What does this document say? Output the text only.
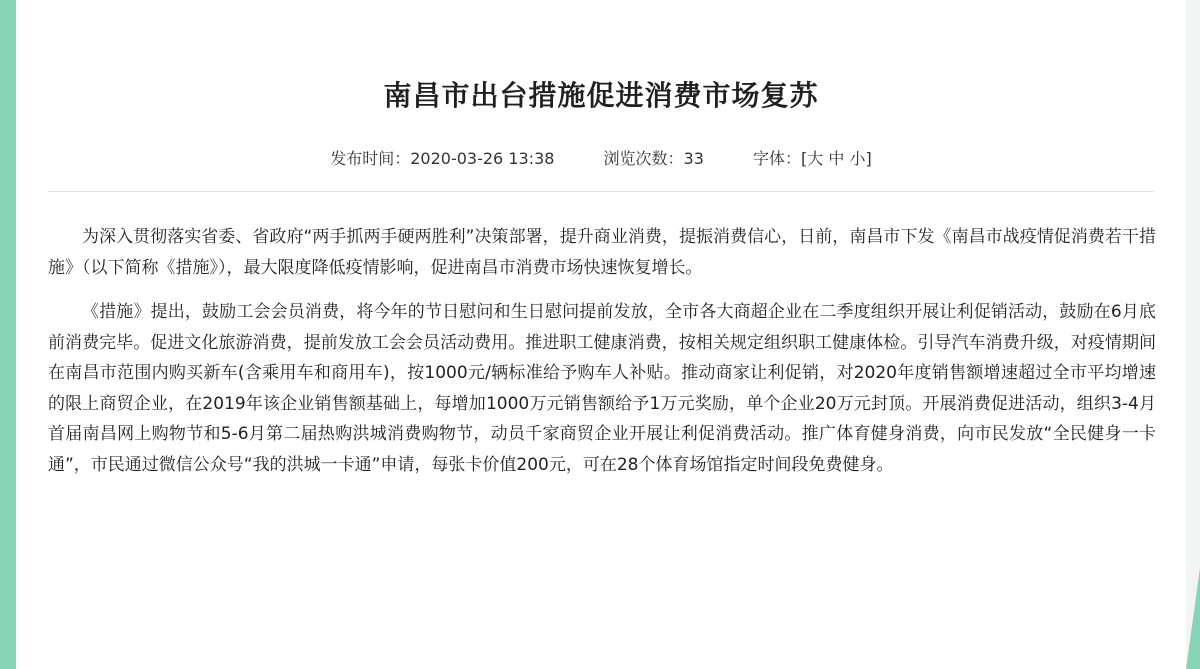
南昌市出台措施促进消费市场复苏
发布时间：2020-03-26 13:38	浏览次数：33	字体：[大 中 小]

为深入贯彻落实省委、省政府“两手抓两手硬两胜利”决策部署，提升商业消费，提振消费信心，日前，南昌市下发《南昌市战疫情促消费若干措施》（以下简称《措施》），最大限度降低疫情影响，促进南昌市消费市场快速恢复增长。

《措施》提出，鼓励工会会员消费，将今年的节日慰问和生日慰问提前发放，全市各大商超企业在二季度组织开展让利促销活动，鼓励在6月底前消费完毕。促进文化旅游消费，提前发放工会会员活动费用。推进职工健康消费，按相关规定组织职工健康体检。引导汽车消费升级，对疫情期间在南昌市范围内购买新车(含乘用车和商用车)，按1000元/辆标准给予购车人补贴。推动商家让利促销，对2020年度销售额增速超过全市平均增速的限上商贸企业，在2019年该企业销售额基础上，每增加1000万元销售额给予1万元奖励，单个企业20万元封顶。开展消费促进活动，组织3-4月首届南昌网上购物节和5-6月第二届热购洪城消费购物节，动员千家商贸企业开展让利促消费活动。推广体育健身消费，向市民发放“全民健身一卡通”，市民通过微信公众号“我的洪城一卡通”申请，每张卡价值200元，可在28个体育场馆指定时间段免费健身。
